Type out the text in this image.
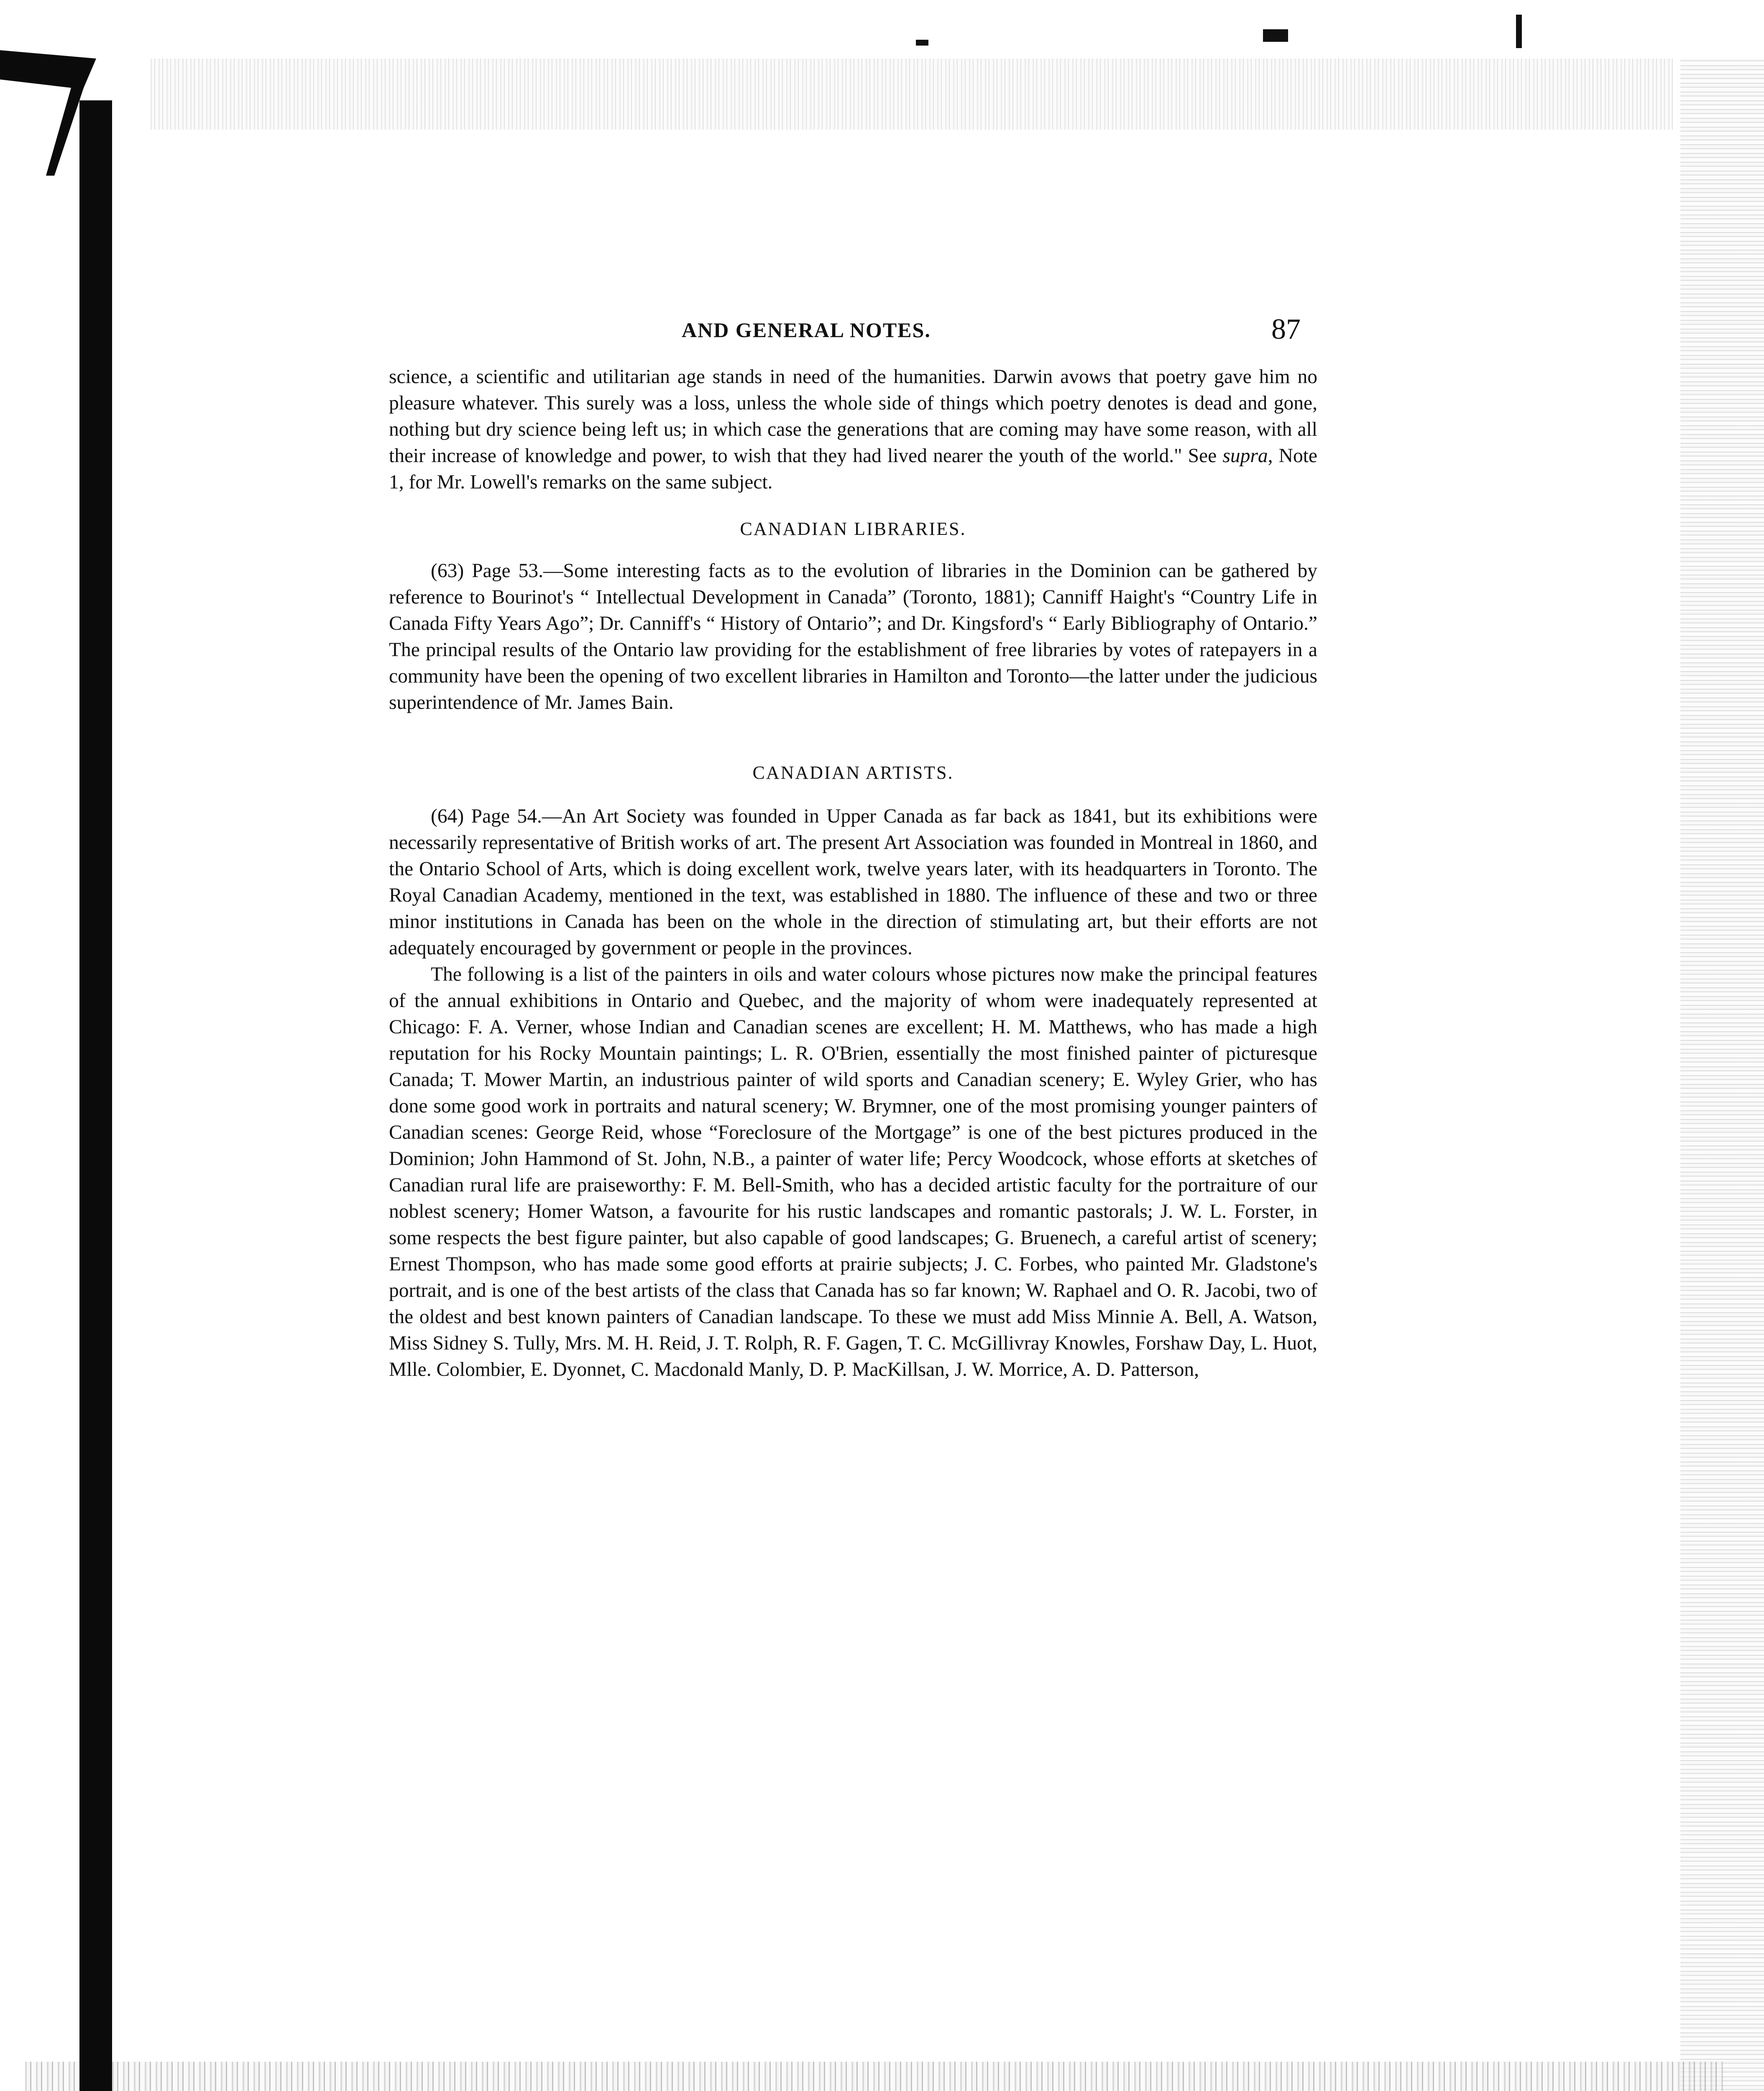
AND GENERAL NOTES.	87

science, a scientific and utilitarian age stands in need of the humanities. Darwin avows that poetry gave him no pleasure whatever. This surely was a loss, unless the whole side of things which poetry denotes is dead and gone, nothing but dry science being left us; in which case the generations that are coming may have some reason, with all their increase of knowledge and power, to wish that they had lived nearer the youth of the world." See supra, Note 1, for Mr. Lowell's remarks on the same subject.

CANADIAN LIBRARIES.

(63) Page 53.—Some interesting facts as to the evolution of libraries in the Dominion can be gathered by reference to Bourinot's “ Intellectual Development in Canada” (Toronto, 1881); Canniff Haight's “Country Life in Canada Fifty Years Ago”; Dr. Canniff's “ History of Ontario”; and Dr. Kingsford's “ Early Bibliography of Ontario.” The principal results of the Ontario law providing for the establishment of free libraries by votes of ratepayers in a community have been the opening of two excellent libraries in Hamilton and Toronto—the latter under the judicious superintendence of Mr. James Bain.

CANADIAN ARTISTS.

(64) Page 54.—An Art Society was founded in Upper Canada as far back as 1841, but its exhibitions were necessarily representative of British works of art. The present Art Association was founded in Montreal in 1860, and the Ontario School of Arts, which is doing excellent work, twelve years later, with its headquarters in Toronto. The Royal Canadian Academy, mentioned in the text, was established in 1880. The influence of these and two or three minor institutions in Canada has been on the whole in the direction of stimulating art, but their efforts are not adequately encouraged by government or people in the provinces.

The following is a list of the painters in oils and water colours whose pictures now make the principal features of the annual exhibitions in Ontario and Quebec, and the majority of whom were inadequately represented at Chicago: F. A. Verner, whose Indian and Canadian scenes are excellent; H. M. Matthews, who has made a high reputation for his Rocky Mountain paintings; L. R. O'Brien, essentially the most finished painter of picturesque Canada; T. Mower Martin, an industrious painter of wild sports and Canadian scenery; E. Wyley Grier, who has done some good work in portraits and natural scenery; W. Brymner, one of the most promising younger painters of Canadian scenes: George Reid, whose “Foreclosure of the Mortgage” is one of the best pictures produced in the Dominion; John Hammond of St. John, N.B., a painter of water life; Percy Woodcock, whose efforts at sketches of Canadian rural life are praiseworthy: F. M. Bell-Smith, who has a decided artistic faculty for the portraiture of our noblest scenery; Homer Watson, a favourite for his rustic landscapes and romantic pastorals; J. W. L. Forster, in some respects the best figure painter, but also capable of good landscapes; G. Bruenech, a careful artist of scenery; Ernest Thompson, who has made some good efforts at prairie subjects; J. C. Forbes, who painted Mr. Gladstone's portrait, and is one of the best artists of the class that Canada has so far known; W. Raphael and O. R. Jacobi, two of the oldest and best known painters of Canadian landscape. To these we must add Miss Minnie A. Bell, A. Watson, Miss Sidney S. Tully, Mrs. M. H. Reid, J. T. Rolph, R. F. Gagen, T. C. McGillivray Knowles, Forshaw Day, L. Huot, Mlle. Colombier, E. Dyonnet, C. Macdonald Manly, D. P. MacKillsan, J. W. Morrice, A. D. Patterson,
